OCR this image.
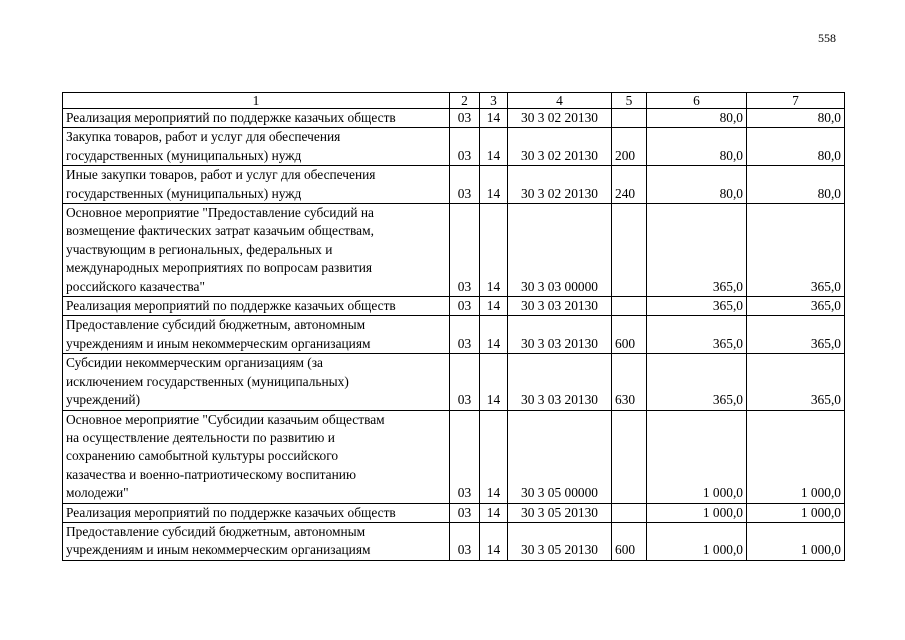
558
1	2	3	4	5	6	7
Реализация мероприятий по поддержке казачьих обществ	03	14	30 3 02 20130		80,0	80,0
Закупка товаров, работ и услуг для обеспечения
государственных (муниципальных) нужд	03	14	30 3 02 20130	200	80,0	80,0
Иные закупки товаров, работ и услуг для обеспечения
государственных (муниципальных) нужд	03	14	30 3 02 20130	240	80,0	80,0
Основное мероприятие "Предоставление субсидий на
возмещение фактических затрат казачьим обществам,
участвующим в региональных, федеральных и
международных мероприятиях по вопросам развития
российского казачества"	03	14	30 3 03 00000		365,0	365,0
Реализация мероприятий по поддержке казачьих обществ	03	14	30 3 03 20130		365,0	365,0
Предоставление субсидий бюджетным, автономным
учреждениям и иным некоммерческим организациям	03	14	30 3 03 20130	600	365,0	365,0
Субсидии некоммерческим организациям (за
исключением государственных (муниципальных)
учреждений)	03	14	30 3 03 20130	630	365,0	365,0
Основное мероприятие "Субсидии казачьим обществам
на осуществление деятельности по развитию и
сохранению самобытной культуры российского
казачества и военно-патриотическому воспитанию
молодежи"	03	14	30 3 05 00000		1 000,0	1 000,0
Реализация мероприятий по поддержке казачьих обществ	03	14	30 3 05 20130		1 000,0	1 000,0
Предоставление субсидий бюджетным, автономным
учреждениям и иным некоммерческим организациям	03	14	30 3 05 20130	600	1 000,0	1 000,0
